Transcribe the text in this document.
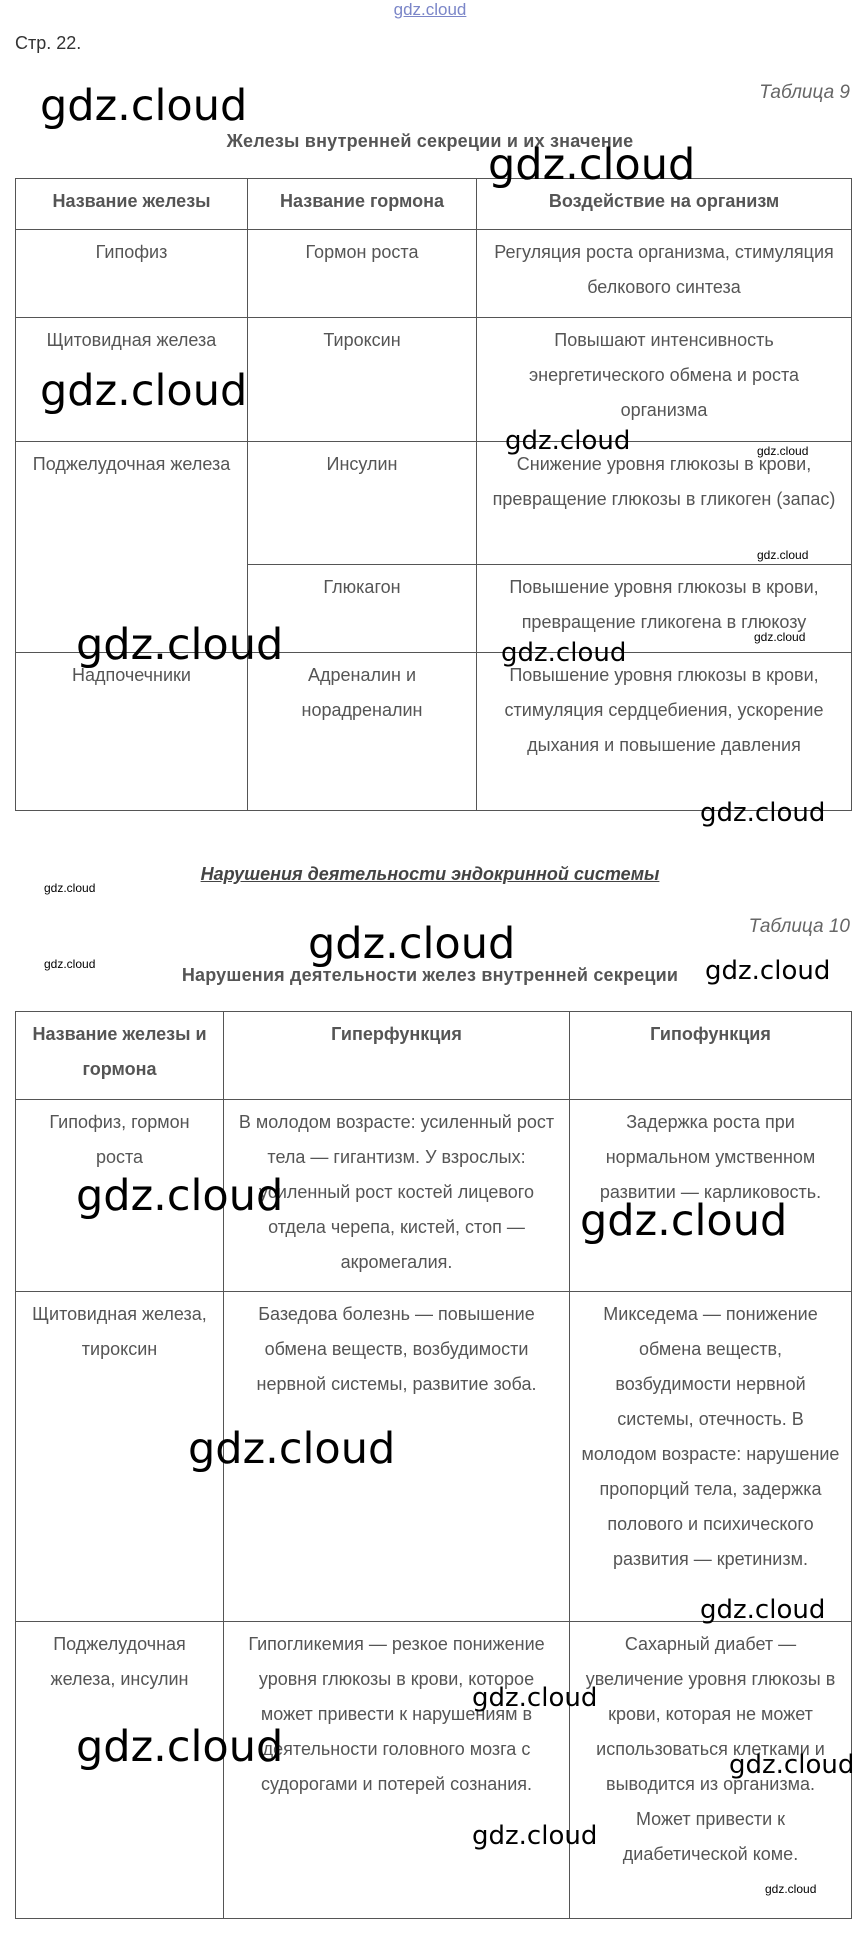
gdz.cloud
Стр. 22.
Таблица 9
Железы внутренней секреции и их значение
Название железы	Название гормона	Воздействие на организм
Гипофиз	Гормон роста	Регуляция роста организма, стимуляция белкового синтеза
Щитовидная железа	Тироксин	Повышают интенсивность энергетического обмена и роста организма
Поджелудочная железа	Инсулин	Снижение уровня глюкозы в крови, превращение глюкозы в гликоген (запас)
	Глюкагон	Повышение уровня глюкозы в крови, превращение гликогена в глюкозу
Надпочечники	Адреналин и норадреналин	Повышение уровня глюкозы в крови, стимуляция сердцебиения, ускорение дыхания и повышение давления
Нарушения деятельности эндокринной системы
Таблица 10
Нарушения деятельности желез внутренней секреции
Название железы и гормона	Гиперфункция	Гипофункция
Гипофиз, гормон роста	В молодом возрасте: усиленный рост тела — гигантизм. У взрослых: усиленный рост костей лицевого отдела черепа, кистей, стоп — акромегалия.	Задержка роста при нормальном умственном развитии — карликовость.
Щитовидная железа, тироксин	Базедова болезнь — повышение обмена веществ, возбудимости нервной системы, развитие зоба.	Микседема — понижение обмена веществ, возбудимости нервной системы, отечность. В молодом возрасте: нарушение пропорций тела, задержка полового и психического развития — кретинизм.
Поджелудочная железа, инсулин	Гипогликемия — резкое понижение уровня глюкозы в крови, которое может привести к нарушениям в деятельности головного мозга с судорогами и потерей сознания.	Сахарный диабет — увеличение уровня глюкозы в крови, которая не может использоваться клетками и выводится из организма. Может привести к диабетической коме.
gdz.cloud
gdz.cloud
gdz.cloud
gdz.cloud	gdz.cloud
gdz.cloud
gdz.cloud
gdz.cloud	gdz.cloud
gdz.cloud
gdz.cloud
gdz.cloud	gdz.cloud
gdz.cloud
gdz.cloud	gdz.cloud
gdz.cloud
gdz.cloud
gdz.cloud
gdz.cloud	gdz.cloud
gdz.cloud
gdz.cloud
